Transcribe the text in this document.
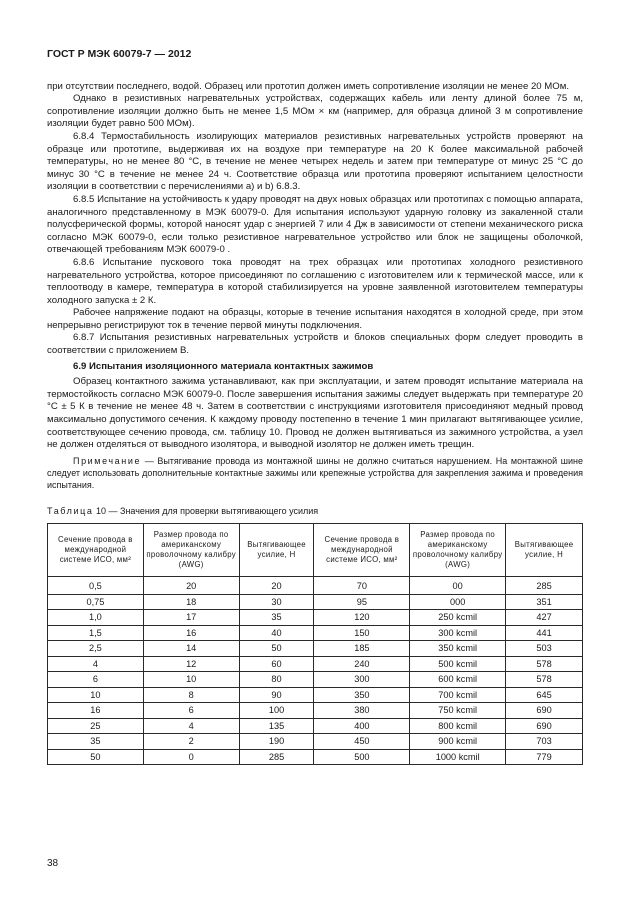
ГОСТ Р МЭК 60079-7 — 2012

при отсутствии последнего, водой. Образец или прототип должен иметь сопротивление изоляции не менее 20 МОм.

Однако в резистивных нагревательных устройствах, содержащих кабель или ленту длиной более 75 м, сопротивление изоляции должно быть не менее 1,5 МОм × км (например, для образца длиной 3 м сопротивление изоляции будет равно 500 МОм).

6.8.4 Термостабильность изолирующих материалов резистивных нагревательных устройств проверяют на образце или прототипе, выдерживая их на воздухе при температуре на 20 К более максимальной рабочей температуры, но не менее 80 °С, в течение не менее четырех недель и затем при температуре от минус 25 °С до минус 30 °С в течение не менее 24 ч. Соответствие образца или прототипа проверяют испытанием целостности изоляции в соответствии с перечислениями a) и b) 6.8.3.

6.8.5 Испытание на устойчивость к удару проводят на двух новых образцах или прототипах с помощью аппарата, аналогичного представленному в МЭК 60079-0. Для испытания используют ударную головку из закаленной стали полусферической формы, которой наносят удар с энергией 7 или 4 Дж в зависимости от степени механического риска согласно МЭК 60079-0, если только резистивное нагревательное устройство или блок не защищены оболочкой, отвечающей требованиям МЭК 60079-0 .

6.8.6 Испытание пускового тока проводят на трех образцах или прототипах холодного резистивного нагревательного устройства, которое присоединяют по соглашению с изготовителем или к термической массе, или к теплоотводу в камере, температура в которой стабилизируется на уровне заявленной изготовителем температуры холодного запуска ± 2 К.

Рабочее напряжение подают на образцы, которые в течение испытания находятся в холодной среде, при этом непрерывно регистрируют ток в течение первой минуты подключения.

6.8.7 Испытания резистивных нагревательных устройств и блоков специальных форм следует проводить в соответствии с приложением B.

6.9 Испытания изоляционного материала контактных зажимов

Образец контактного зажима устанавливают, как при эксплуатации, и затем проводят испытание материала на термостойкость согласно МЭК 60079-0. После завершения испытания зажимы следует выдержать при температуре 20 °С ± 5 К в течение не менее 48 ч. Затем в соответствии с инструкциями изготовителя присоединяют медный провод максимально допустимого сечения. К каждому проводу постепенно в течение 1 мин прилагают вытягивающее усилие, соответствующее сечению провода, см. таблицу 10. Провод не должен вытягиваться из зажимного устройства, а узел не должен отделяться от выводного изолятора, и выводной изолятор не должен иметь трещин.

Примечание — Вытягивание провода из монтажной шины не должно считаться нарушением. На монтажной шине следует использовать дополнительные контактные зажимы или крепежные устройства для закрепления зажима и проведения испытания.

Таблица 10 — Значения для проверки вытягивающего усилия
Сечение провода в международной системе ИСО, мм²	Размер провода по американскому проволочному калибру (AWG)	Вытягивающее усилие, Н	Сечение провода в международной системе ИСО, мм²	Размер провода по американскому проволочному калибру (AWG)	Вытягивающее усилие, Н
0,5	20	20	70	00	285
0,75	18	30	95	000	351
1,0	17	35	120	250 kcmil	427
1,5	16	40	150	300 kcmil	441
2,5	14	50	185	350 kcmil	503
4	12	60	240	500 kcmil	578
6	10	80	300	600 kcmil	578
10	8	90	350	700 kcmil	645
16	6	100	380	750 kcmil	690
25	4	135	400	800 kcmil	690
35	2	190	450	900 kcmil	703
50	0	285	500	1000 kcmil	779
38
